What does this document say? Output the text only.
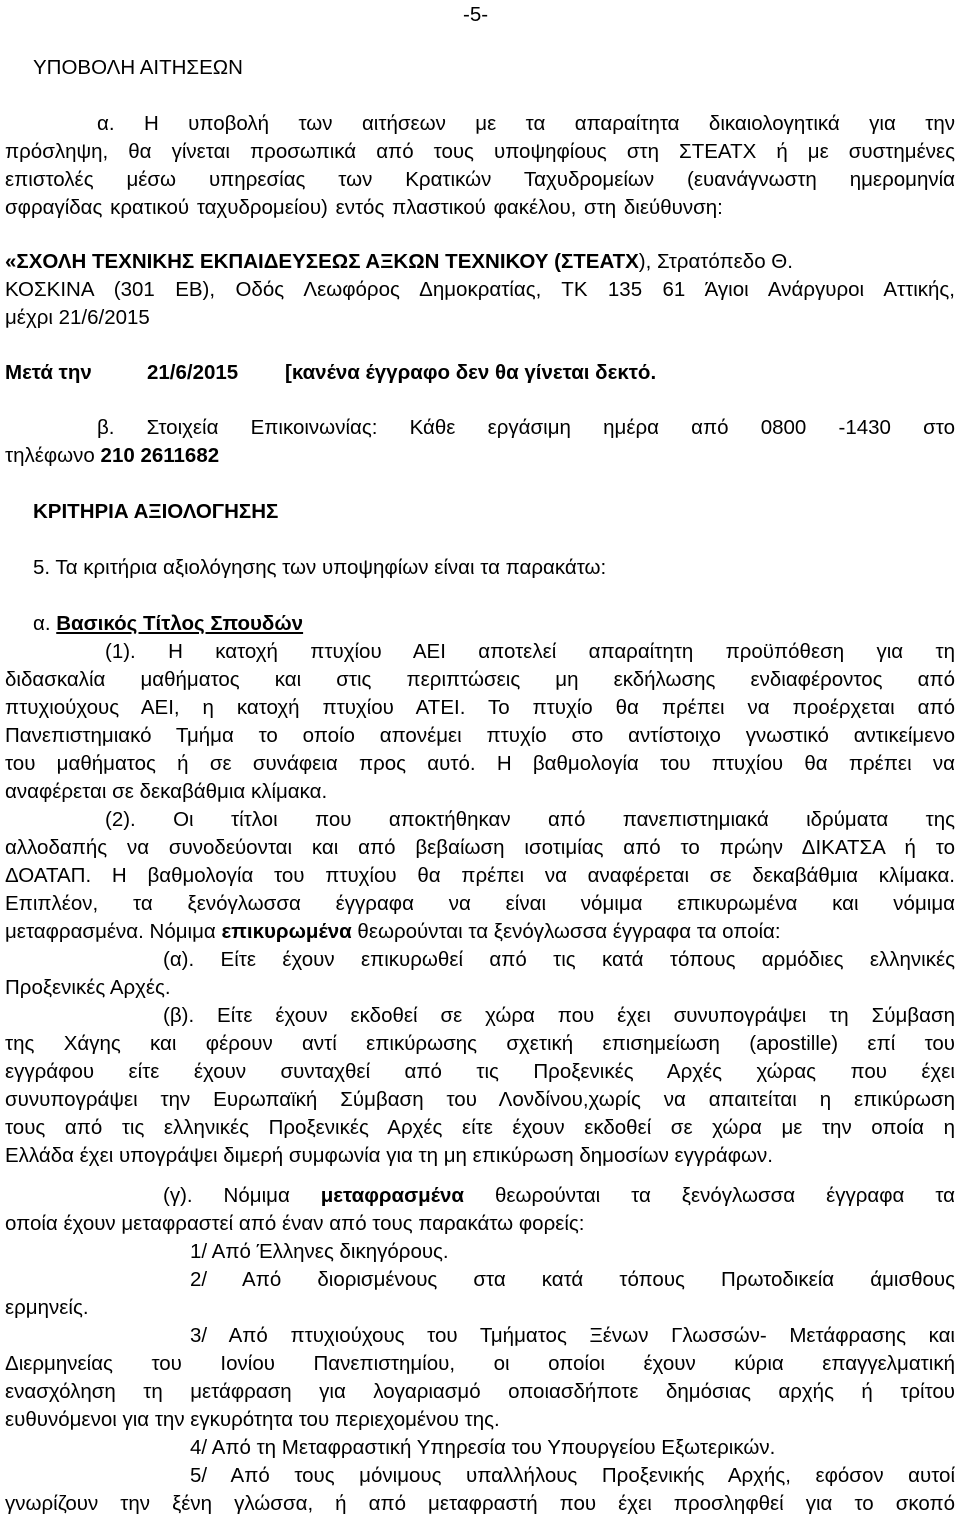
-5-
ΥΠΟΒΟΛΗ ΑΙΤΗΣΕΩΝ
α. Η υποβολή των αιτήσεων με τα απαραίτητα δικαιολογητικά για την
πρόσληψη, θα γίνεται προσωπικά από τους υποψηφίους στη ΣΤΕΑΤΧ ή με συστημένες
επιστολές μέσω υπηρεσίας των Κρατικών Ταχυδρομείων (ευανάγνωστη ημερομηνία
σφραγίδας κρατικού ταχυδρομείου) εντός πλαστικού φακέλου, στη διεύθυνση:
«ΣΧΟΛΗ ΤΕΧΝΙΚΗΣ ΕΚΠΑΙΔΕΥΣΕΩΣ ΑΞΚΩΝ ΤΕΧΝΙΚΟΥ (ΣΤΕΑΤΧ), Στρατόπεδο Θ.
ΚΟΣΚΙΝΑ (301 ΕΒ), Οδός Λεωφόρος Δημοκρατίας, ΤΚ 135 61 Άγιοι Ανάργυροι Αττικής,
μέχρι 21/6/2015
Μετά την	21/6/2015 [κανένα έγγραφο δεν θα γίνεται δεκτό.
β. Στοιχεία Επικοινωνίας: Κάθε εργάσιμη ημέρα από 0800 -1430 στο
τηλέφωνο 210 2611682
ΚΡΙΤΗΡΙΑ ΑΞΙΟΛΟΓΗΣΗΣ
5. Τα κριτήρια αξιολόγησης των υποψηφίων είναι τα παρακάτω:
α. Βασικός Τίτλος Σπουδών
(1). Η κατοχή πτυχίου ΑΕΙ αποτελεί απαραίτητη προϋπόθεση για τη
διδασκαλία μαθήματος και στις περιπτώσεις μη εκδήλωσης ενδιαφέροντος από
πτυχιούχους ΑΕΙ, η κατοχή πτυχίου ΑΤΕΙ. Το πτυχίο θα πρέπει να προέρχεται από
Πανεπιστημιακό Τμήμα το οποίο απονέμει πτυχίο στο αντίστοιχο γνωστικό αντικείμενο
του μαθήματος ή σε συνάφεια προς αυτό. Η βαθμολογία του πτυχίου θα πρέπει να
αναφέρεται σε δεκαβάθμια κλίμακα.
(2). Οι τίτλοι που αποκτήθηκαν από πανεπιστημιακά ιδρύματα της
αλλοδαπής να συνοδεύονται και από βεβαίωση ισοτιμίας από το πρώην ΔΙΚΑΤΣΑ ή το
ΔΟΑΤΑΠ. Η βαθμολογία του πτυχίου θα πρέπει να αναφέρεται σε δεκαβάθμια κλίμακα.
Επιπλέον, τα ξενόγλωσσα έγγραφα να είναι νόμιμα επικυρωμένα και νόμιμα
μεταφρασμένα. Νόμιμα επικυρωμένα θεωρούνται τα ξενόγλωσσα έγγραφα τα οποία:
(α). Είτε έχουν επικυρωθεί από τις κατά τόπους αρμόδιες ελληνικές
Προξενικές Αρχές.
(β). Είτε έχουν εκδοθεί σε χώρα που έχει συνυπογράψει τη Σύμβαση
της Χάγης και φέρουν αντί επικύρωσης σχετική επισημείωση (apostille) επί του
εγγράφου είτε έχουν συνταχθεί από τις Προξενικές Αρχές χώρας που έχει
συνυπογράψει την Ευρωπαϊκή Σύμβαση του Λονδίνου,χωρίς να απαιτείται η επικύρωση
τους από τις ελληνικές Προξενικές Αρχές είτε έχουν εκδοθεί σε χώρα με την οποία η
Ελλάδα έχει υπογράψει διμερή συμφωνία για τη μη επικύρωση δημοσίων εγγράφων.
(γ). Νόμιμα μεταφρασμένα θεωρούνται τα ξενόγλωσσα έγγραφα τα
οποία έχουν μεταφραστεί από έναν από τους παρακάτω φορείς:
1/ Από Έλληνες δικηγόρους.
2/ Από διορισμένους στα κατά τόπους Πρωτοδικεία άμισθους
ερμηνείς.
3/ Από πτυχιούχους του Τμήματος Ξένων Γλωσσών- Μετάφρασης και
Διερμηνείας του Ιονίου Πανεπιστημίου, οι οποίοι έχουν κύρια επαγγελματική
ενασχόληση τη μετάφραση για λογαριασμό οποιασδήποτε δημόσιας αρχής ή τρίτου
ευθυνόμενοι για την εγκυρότητα του περιεχομένου της.
4/ Από τη Μεταφραστική Υπηρεσία του Υπουργείου Εξωτερικών.
5/ Από τους μόνιμους υπαλλήλους Προξενικής Αρχής, εφόσον αυτοί
γνωρίζουν την ξένη γλώσσα, ή από μεταφραστή που έχει προσληφθεί για το σκοπό
